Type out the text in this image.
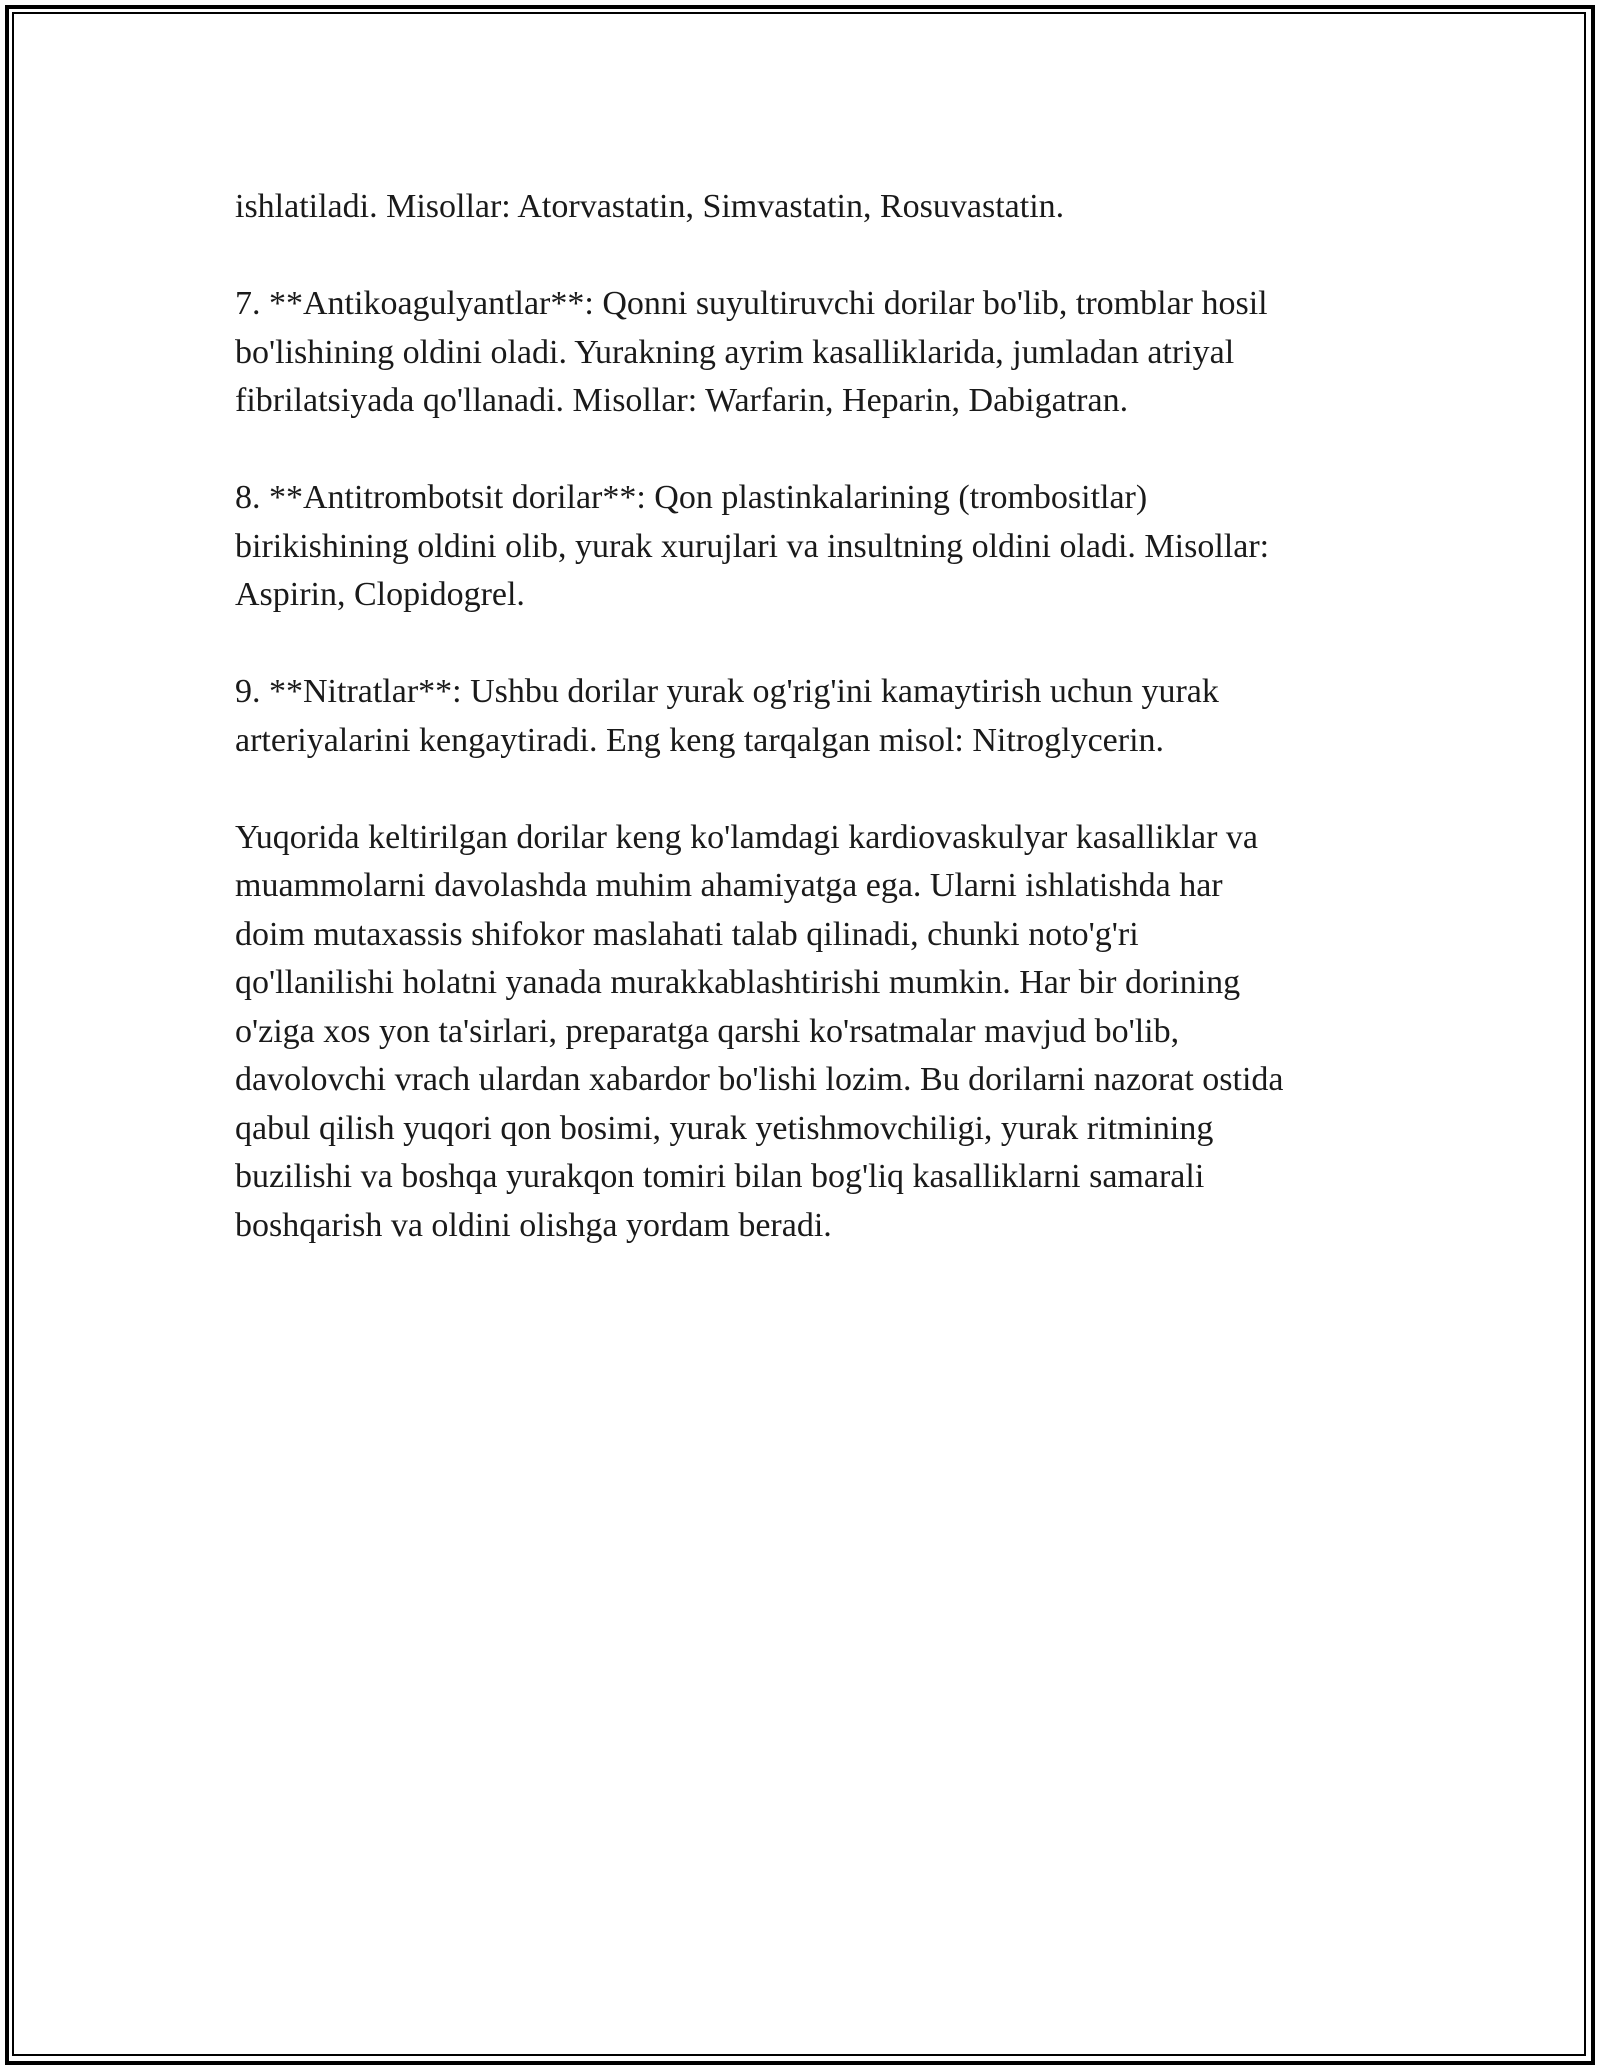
ishlatiladi. Misollar: Atorvastatin, Simvastatin, Rosuvastatin.

7. **Antikoagulyantlar**: Qonni suyultiruvchi dorilar bo'lib, tromblar hosil
bo'lishining oldini oladi. Yurakning ayrim kasalliklarida, jumladan atriyal
fibrilatsiyada qo'llanadi. Misollar: Warfarin, Heparin, Dabigatran.

8. **Antitrombotsit dorilar**: Qon plastinkalarining (trombositlar)
birikishining oldini olib, yurak xurujlari va insultning oldini oladi. Misollar:
Aspirin, Clopidogrel.

9. **Nitratlar**: Ushbu dorilar yurak og'rig'ini kamaytirish uchun yurak
arteriyalarini kengaytiradi. Eng keng tarqalgan misol: Nitroglycerin.

Yuqorida keltirilgan dorilar keng ko'lamdagi kardiovaskulyar kasalliklar va
muammolarni davolashda muhim ahamiyatga ega. Ularni ishlatishda har
doim mutaxassis shifokor maslahati talab qilinadi, chunki noto'g'ri
qo'llanilishi holatni yanada murakkablashtirishi mumkin. Har bir dorining
o'ziga xos yon ta'sirlari, preparatga qarshi ko'rsatmalar mavjud bo'lib,
davolovchi vrach ulardan xabardor bo'lishi lozim. Bu dorilarni nazorat ostida
qabul qilish yuqori qon bosimi, yurak yetishmovchiligi, yurak ritmining
buzilishi va boshqa yurakqon tomiri bilan bog'liq kasalliklarni samarali
boshqarish va oldini olishga yordam beradi.
